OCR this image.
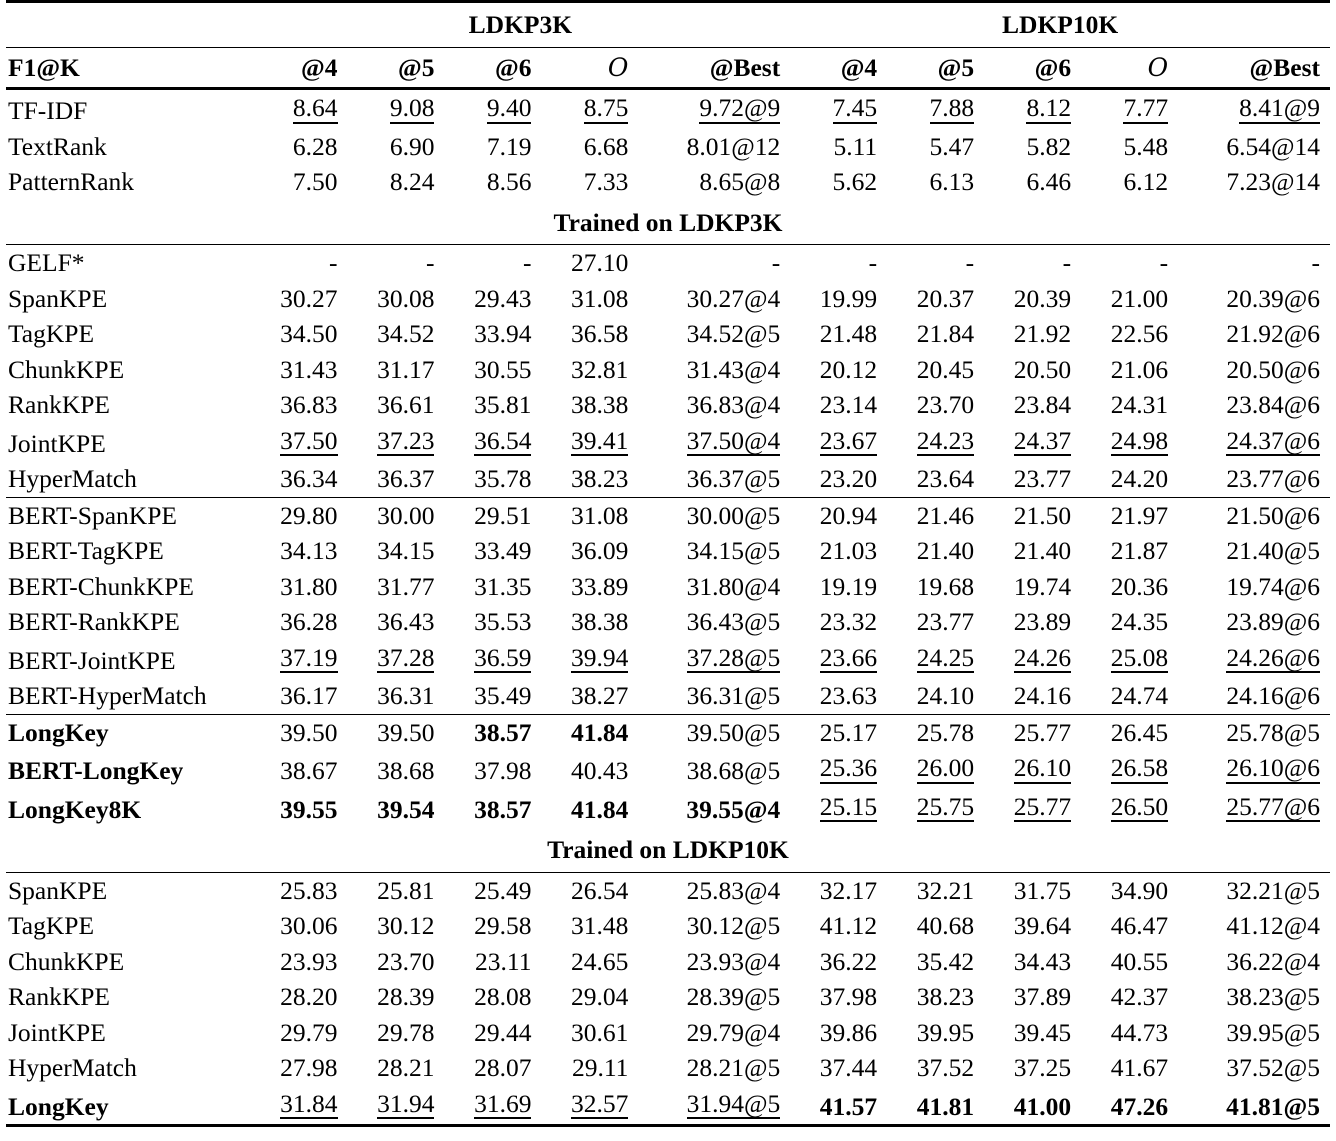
	LDKP3K					LDKP10K				

F1@K	@4	@5	@6	O	@Best	@4	@5	@6	O	@Best

TF-IDF	8.64	9.08	9.40	8.75	9.72@9	7.45	7.88	8.12	7.77	8.41@9
TextRank	6.28	6.90	7.19	6.68	8.01@12	5.11	5.47	5.82	5.48	6.54@14
PatternRank	7.50	8.24	8.56	7.33	8.65@8	5.62	6.13	6.46	6.12	7.23@14
Trained on LDKP3K										

GELF*	-	-	-	27.10	-	-	-	-	-	-
SpanKPE	30.27	30.08	29.43	31.08	30.27@4	19.99	20.37	20.39	21.00	20.39@6
TagKPE	34.50	34.52	33.94	36.58	34.52@5	21.48	21.84	21.92	22.56	21.92@6
ChunkKPE	31.43	31.17	30.55	32.81	31.43@4	20.12	20.45	20.50	21.06	20.50@6
RankKPE	36.83	36.61	35.81	38.38	36.83@4	23.14	23.70	23.84	24.31	23.84@6
JointKPE	37.50	37.23	36.54	39.41	37.50@4	23.67	24.23	24.37	24.98	24.37@6
HyperMatch	36.34	36.37	35.78	38.23	36.37@5	23.20	23.64	23.77	24.20	23.77@6

BERT-SpanKPE	29.80	30.00	29.51	31.08	30.00@5	20.94	21.46	21.50	21.97	21.50@6
BERT-TagKPE	34.13	34.15	33.49	36.09	34.15@5	21.03	21.40	21.40	21.87	21.40@5
BERT-ChunkKPE	31.80	31.77	31.35	33.89	31.80@4	19.19	19.68	19.74	20.36	19.74@6
BERT-RankKPE	36.28	36.43	35.53	38.38	36.43@5	23.32	23.77	23.89	24.35	23.89@6
BERT-JointKPE	37.19	37.28	36.59	39.94	37.28@5	23.66	24.25	24.26	25.08	24.26@6
BERT-HyperMatch	36.17	36.31	35.49	38.27	36.31@5	23.63	24.10	24.16	24.74	24.16@6

LongKey	39.50	39.50	38.57	41.84	39.50@5	25.17	25.78	25.77	26.45	25.78@5
BERT-LongKey	38.67	38.68	37.98	40.43	38.68@5	25.36	26.00	26.10	26.58	26.10@6
LongKey8K	39.55	39.54	38.57	41.84	39.55@4	25.15	25.75	25.77	26.50	25.77@6
Trained on LDKP10K										

SpanKPE	25.83	25.81	25.49	26.54	25.83@4	32.17	32.21	31.75	34.90	32.21@5
TagKPE	30.06	30.12	29.58	31.48	30.12@5	41.12	40.68	39.64	46.47	41.12@4
ChunkKPE	23.93	23.70	23.11	24.65	23.93@4	36.22	35.42	34.43	40.55	36.22@4
RankKPE	28.20	28.39	28.08	29.04	28.39@5	37.98	38.23	37.89	42.37	38.23@5
JointKPE	29.79	29.78	29.44	30.61	29.79@4	39.86	39.95	39.45	44.73	39.95@5
HyperMatch	27.98	28.21	28.07	29.11	28.21@5	37.44	37.52	37.25	41.67	37.52@5
LongKey	31.84	31.94	31.69	32.57	31.94@5	41.57	41.81	41.00	47.26	41.81@5
